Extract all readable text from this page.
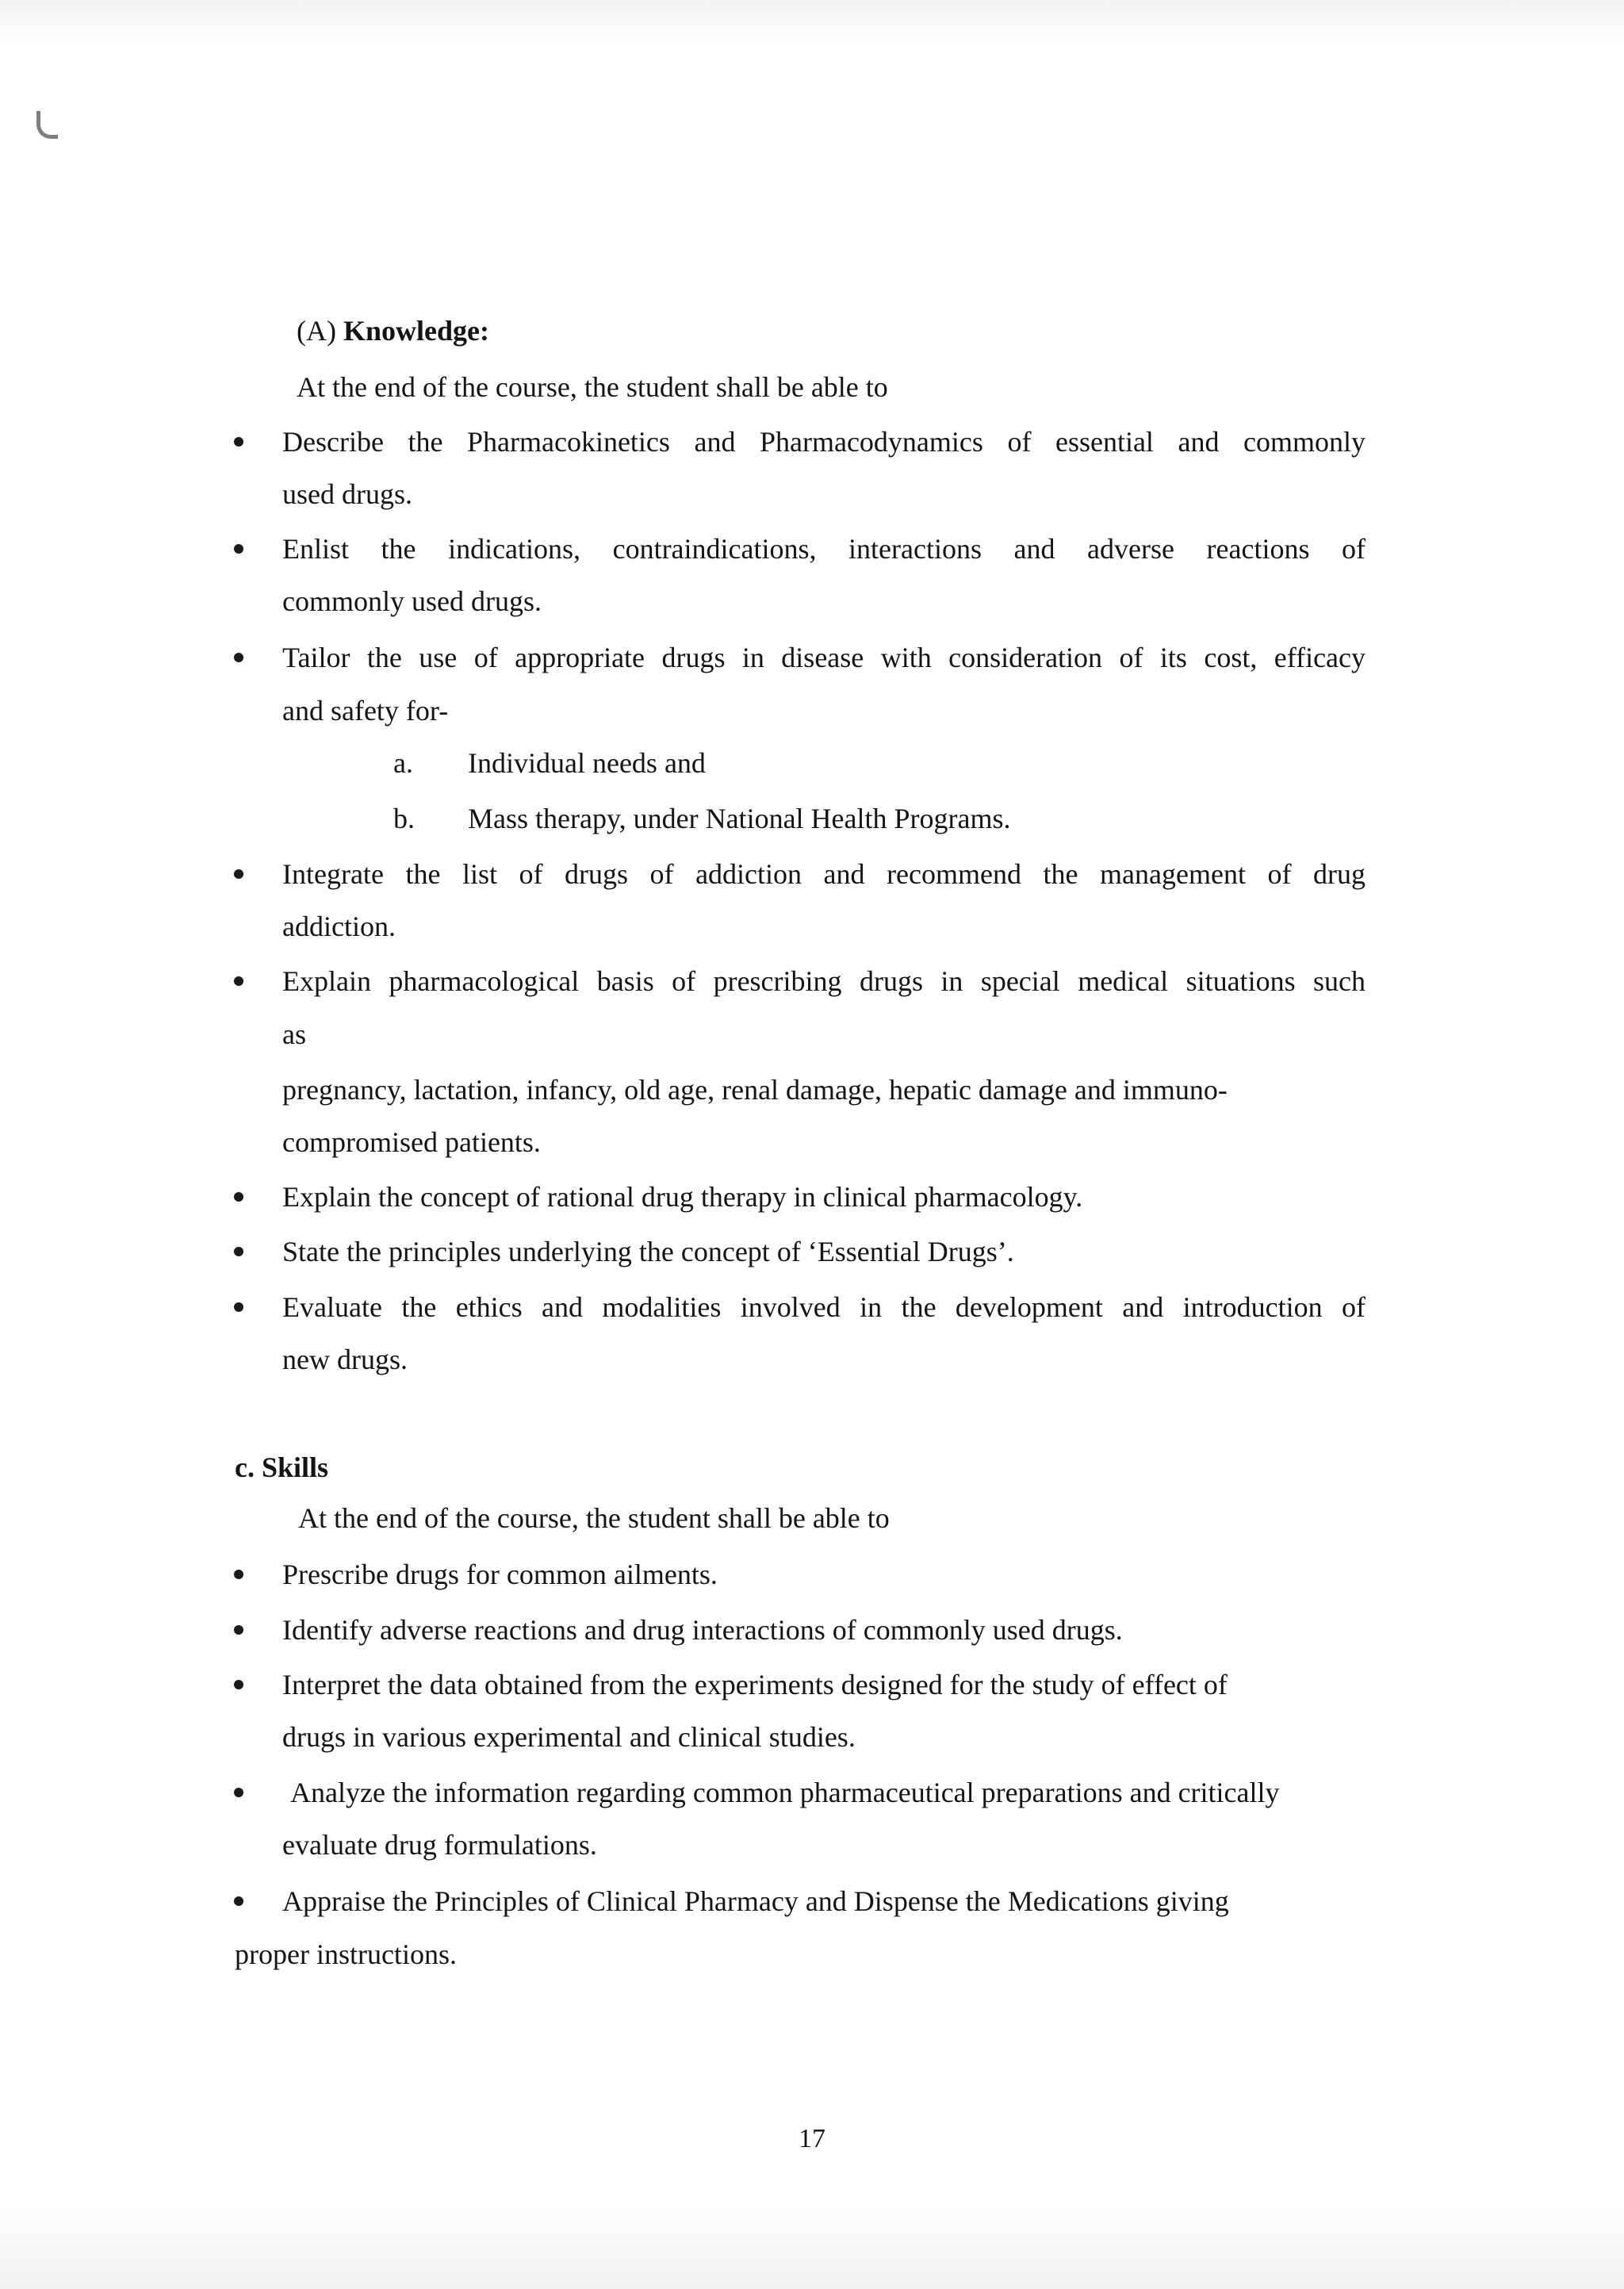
(A) Knowledge:
At the end of the course, the student shall be able to
Describe the Pharmacokinetics and Pharmacodynamics of essential and commonly
used drugs.
Enlist the indications, contraindications, interactions and adverse reactions of
commonly used drugs.
Tailor the use of appropriate drugs in disease with consideration of its cost, efficacy
and safety for-
a. Individual needs and
b. Mass therapy, under National Health Programs.
Integrate the list of drugs of addiction and recommend the management of drug
addiction.
Explain pharmacological basis of prescribing drugs in special medical situations such
as
pregnancy, lactation, infancy, old age, renal damage, hepatic damage and immuno-
compromised patients.
Explain the concept of rational drug therapy in clinical pharmacology.
State the principles underlying the concept of ‘Essential Drugs’.
Evaluate the ethics and modalities involved in the development and introduction of
new drugs.
c. Skills
At the end of the course, the student shall be able to
Prescribe drugs for common ailments.
Identify adverse reactions and drug interactions of commonly used drugs.
Interpret the data obtained from the experiments designed for the study of effect of
drugs in various experimental and clinical studies.
Analyze the information regarding common pharmaceutical preparations and critically
evaluate drug formulations.
Appraise the Principles of Clinical Pharmacy and Dispense the Medications giving
proper instructions.
17
